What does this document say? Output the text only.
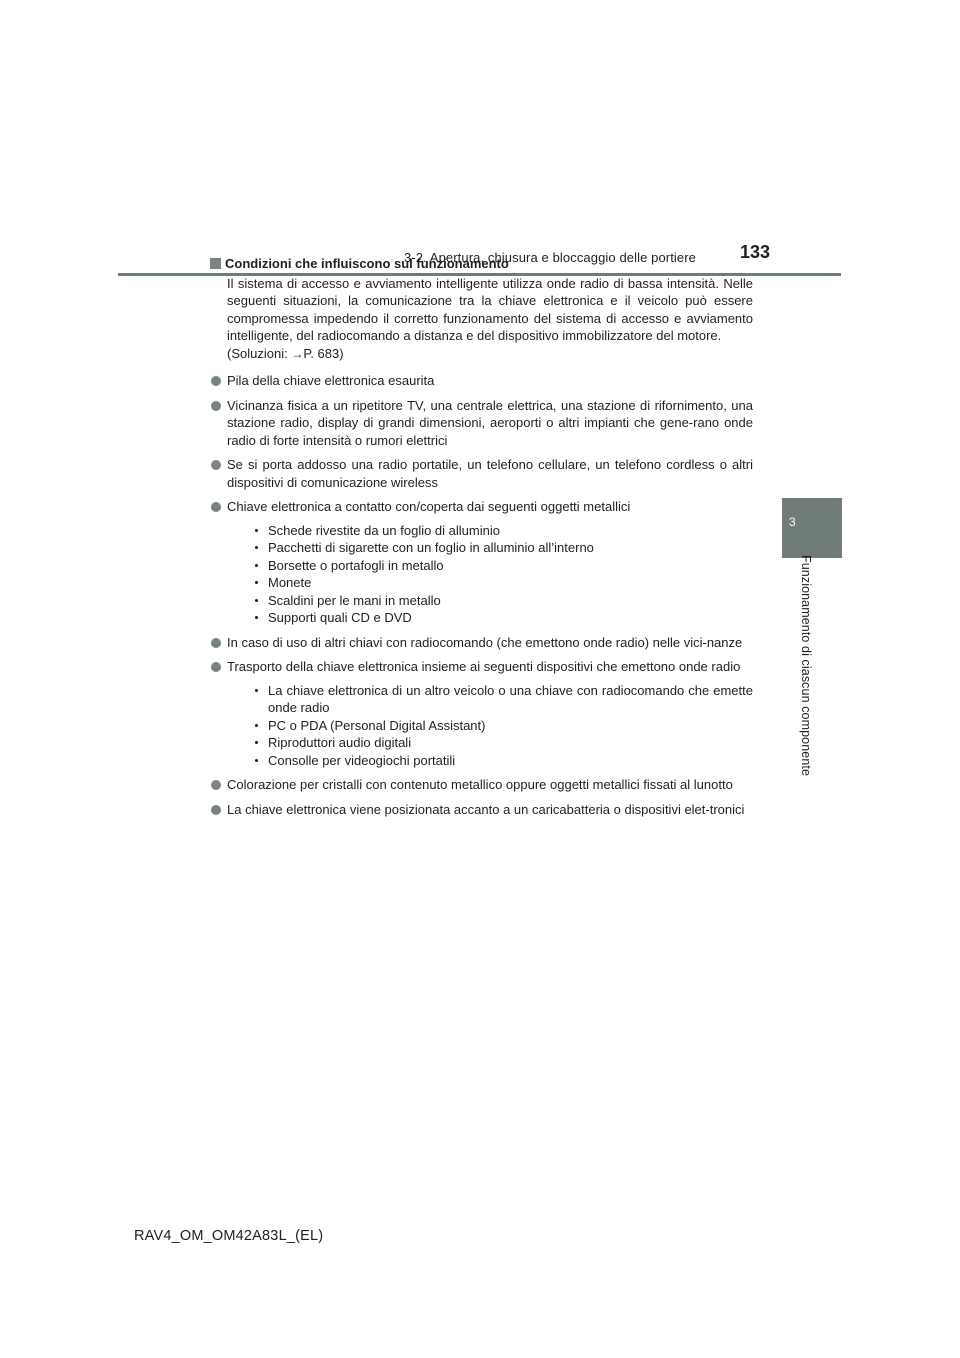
3-2. Apertura, chiusura e bloccaggio delle portiere 133
3
Funzionamento di ciascun componente
Condizioni che influiscono sul funzionamento

Il sistema di accesso e avviamento intelligente utilizza onde radio di bassa intensità. Nelle seguenti situazioni, la comunicazione tra la chiave elettronica e il veicolo può essere compromessa impedendo il corretto funzionamento del sistema di accesso e avviamento intelligente, del radiocomando a distanza e del dispositivo immobilizzatore del motore.

(Soluzioni: →P. 683)

Pila della chiave elettronica esaurita
Vicinanza fisica a un ripetitore TV, una centrale elettrica, una stazione di rifornimento, una stazione radio, display di grandi dimensioni, aeroporti o altri impianti che gene-rano onde radio di forte intensità o rumori elettrici
Se si porta addosso una radio portatile, un telefono cellulare, un telefono cordless o altri dispositivi di comunicazione wireless
Chiave elettronica a contatto con/coperta dai seguenti oggetti metallici
Schede rivestite da un foglio di alluminio
Pacchetti di sigarette con un foglio in alluminio all’interno
Borsette o portafogli in metallo
Monete
Scaldini per le mani in metallo
Supporti quali CD e DVD
In caso di uso di altri chiavi con radiocomando (che emettono onde radio) nelle vici-nanze
Trasporto della chiave elettronica insieme ai seguenti dispositivi che emettono onde radio
La chiave elettronica di un altro veicolo o una chiave con radiocomando che emette onde radio
PC o PDA (Personal Digital Assistant)
Riproduttori audio digitali
Consolle per videogiochi portatili
Colorazione per cristalli con contenuto metallico oppure oggetti metallici fissati al lunotto
La chiave elettronica viene posizionata accanto a un caricabatteria o dispositivi elet-tronici
RAV4_OM_OM42A83L_(EL)
